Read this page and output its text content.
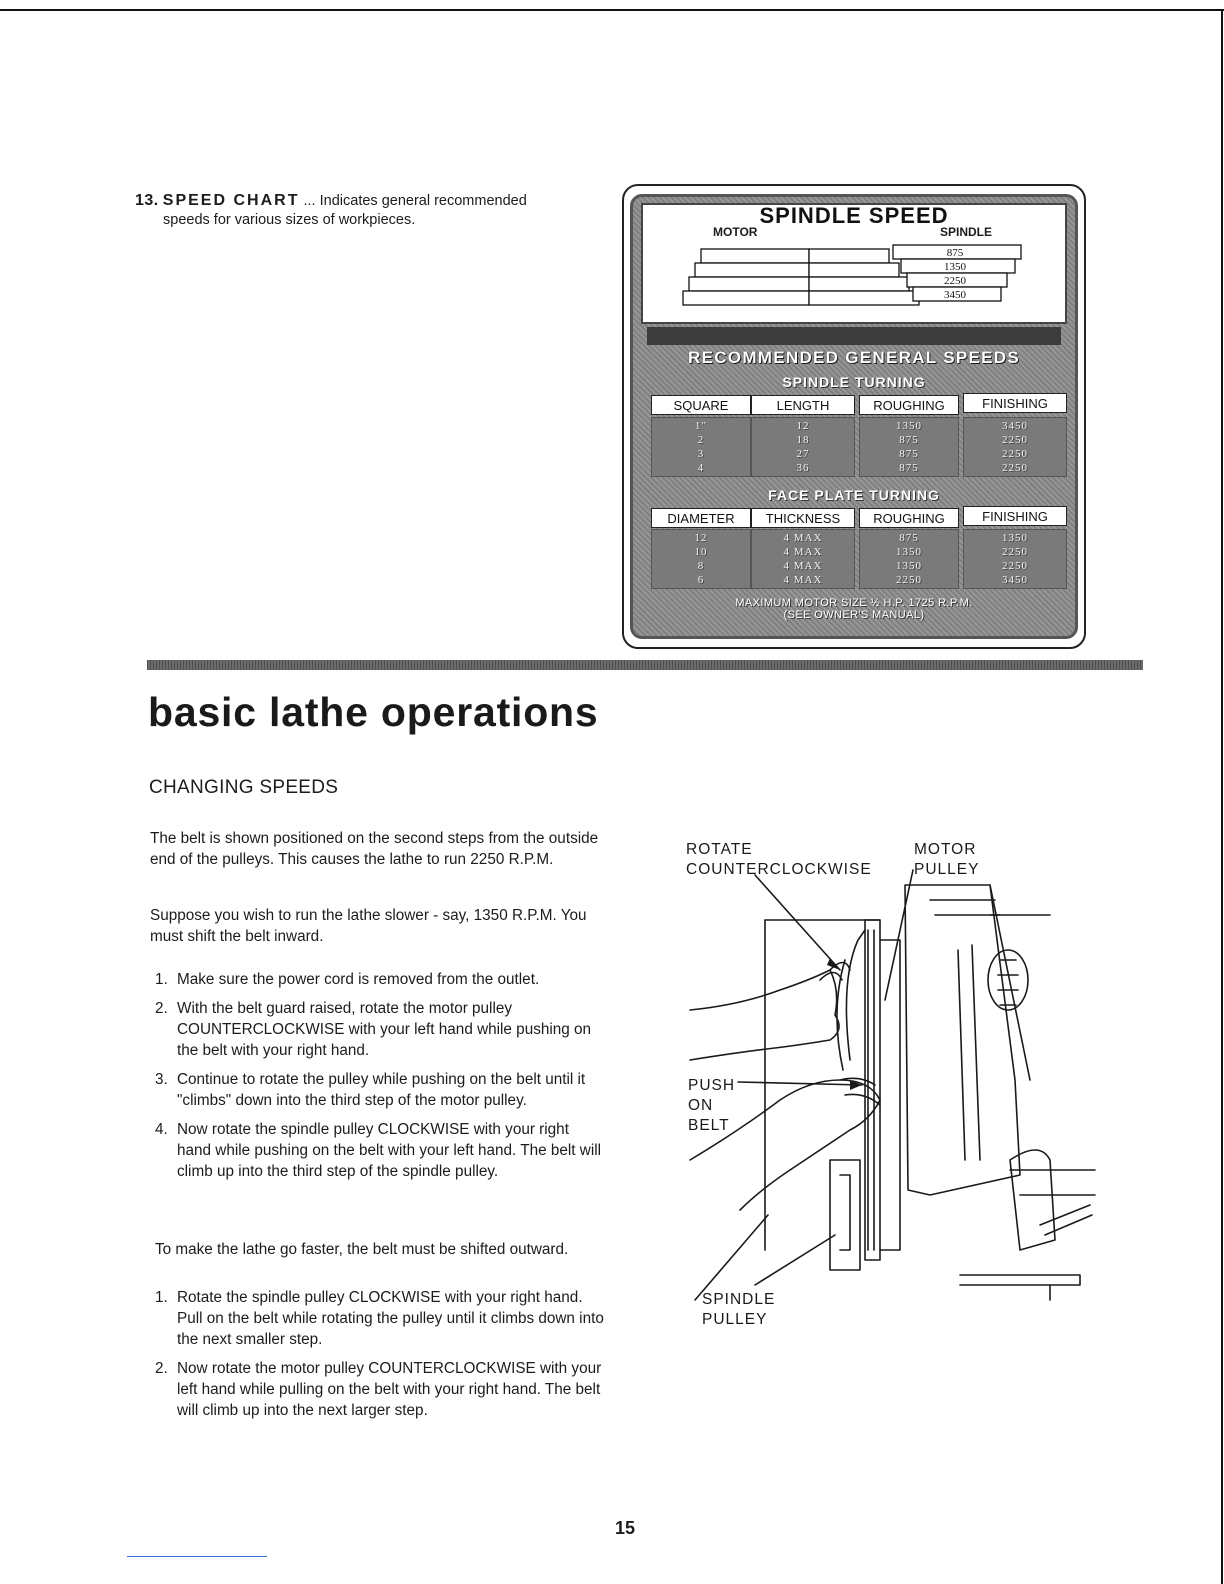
13. SPEED CHART ... Indicates general recommended
speeds for various sizes of workpieces.	SPINDLE SPEED
MOTOR	SPINDLE
875
1350
2250
3450
RECOMMENDED GENERAL SPEEDS
SPINDLE TURNING
SQUARE	LENGTH	ROUGHING	FINISHING
1"	12	1350	3450
2	18	875	2250
3	27	875	2250
4	36	875	2250
FACE PLATE TURNING
DIAMETER	THICKNESS	ROUGHING	FINISHING
12	4 MAX	875	1350
10	4 MAX	1350	2250
8	4 MAX	1350	2250
6	4 MAX	2250	3450
MAXIMUM MOTOR SIZE ½ H.P. 1725 R.P.M.
(SEE OWNER'S MANUAL)
basic lathe operations
CHANGING SPEEDS
The belt is shown positioned on the second steps from the outside end of the pulleys. This causes the lathe to run 2250 R.P.M.
Suppose you wish to run the lathe slower - say, 1350 R.P.M. You must shift the belt inward.
1. Make sure the power cord is removed from the outlet.
2. With the belt guard raised, rotate the motor pulley COUNTERCLOCKWISE with your left hand while pushing on the belt with your right hand.
3. Continue to rotate the pulley while pushing on the belt until it "climbs" down into the third step of the motor pulley.
4. Now rotate the spindle pulley CLOCKWISE with your right hand while pushing on the belt with your left hand. The belt will climb up into the third step of the spindle pulley.
To make the lathe go faster, the belt must be shifted outward.
1. Rotate the spindle pulley CLOCKWISE with your right hand. Pull on the belt while rotating the pulley until it climbs down into the next smaller step.
2. Now rotate the motor pulley COUNTERCLOCKWISE with your left hand while pulling on the belt with your right hand. The belt will climb up into the next larger step.
ROTATE
COUNTERCLOCKWISE
MOTOR
PULLEY
PUSH
ON
BELT
SPINDLE
PULLEY
15
